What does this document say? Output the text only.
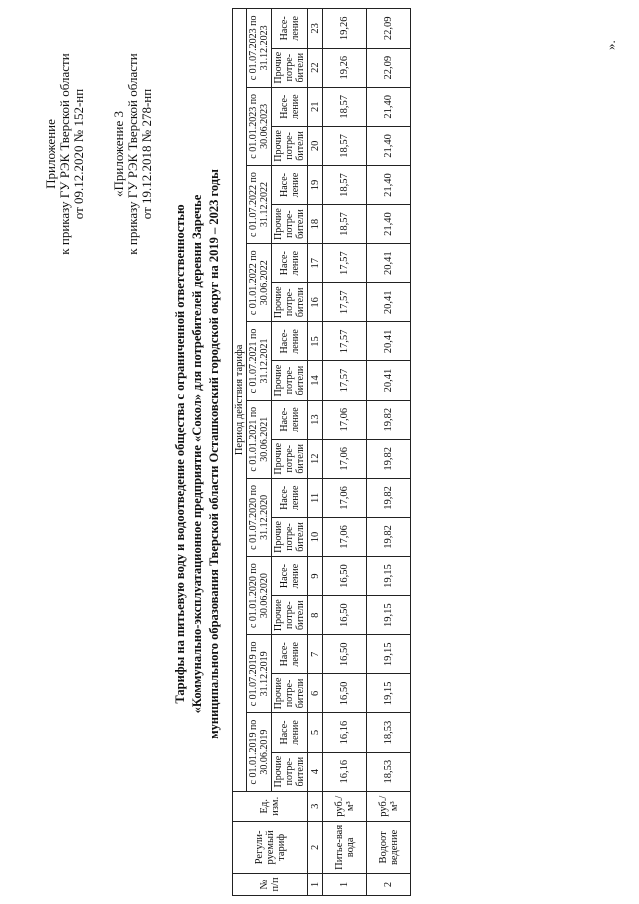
Приложение к приказу ГУ РЭК Тверской области от 09.12.2020 № 152-нп «Приложение 3 к приказу ГУ РЭК Тверской области от 19.12.2018 № 278-нп
Тарифы на питьевую воду и водоотведение общества с ограниченной ответственностью «Коммунально-эксплуатационное предприятие «Сокол» для потребителей деревни Заречье муниципального образования Тверской области Осташковский городской округ на 2019 – 2023 годы
№ п/п	Регули-руемый тариф	Ед. изм.	Период действия тарифа																			
			с 01.01.2019 по 30.06.2019		с 01.07.2019 по 31.12.2019		с 01.01.2020 по 30.06.2020		с 01.07.2020 по 31.12.2020		с 01.01.2021 по 30.06.2021		с 01.07.2021 по 31.12.2021		с 01.01.2022 по 30.06.2022		с 01.07.2022 по 31.12.2022		с 01.01.2023 по 30.06.2023		с 01.07.2023 по 31.12.2023	
			Прочие потре-бители	Насе-ление	Прочие потре-бители	Насе-ление	Прочие потре-бители	Насе-ление	Прочие потре-бители	Насе-ление	Прочие потре-бители	Насе-ление	Прочие потре-бители	Насе-ление	Прочие потре-бители	Насе-ление	Прочие потре-бители	Насе-ление	Прочие потре-бители	Насе-ление	Прочие потре-бители	Насе-ление
1	2	3	4	5	6	7	8	9	10	11	12	13	14	15	16	17	18	19	20	21	22	23
1	Питье-вая вода	руб./м³	16,16	16,16	16,50	16,50	16,50	16,50	17,06	17,06	17,06	17,06	17,57	17,57	17,57	17,57	18,57	18,57	18,57	18,57	19,26	19,26
2	Водоот ведение	руб./м³	18,53	18,53	19,15	19,15	19,15	19,15	19,82	19,82	19,82	19,82	20,41	20,41	20,41	20,41	21,40	21,40	21,40	21,40	22,09	22,09
».
